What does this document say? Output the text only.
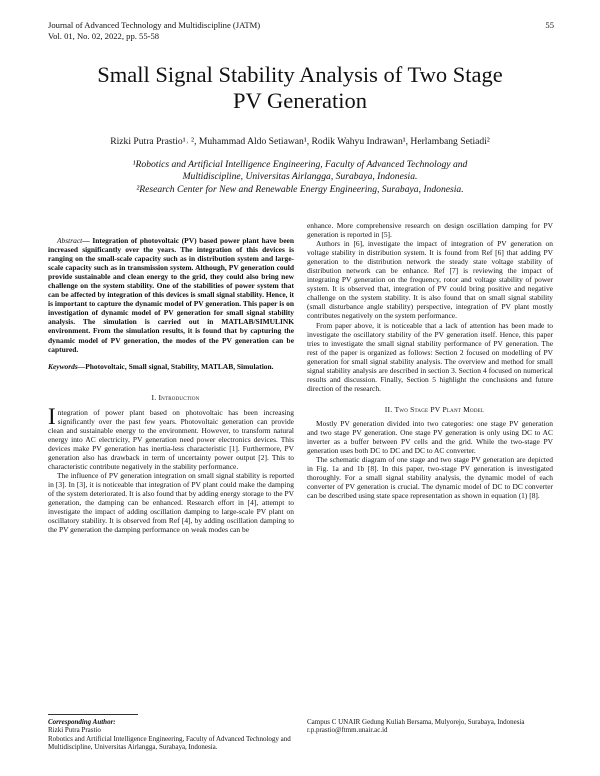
Journal of Advanced Technology and Multidiscipline (JATM)
Vol. 01, No. 02, 2022, pp. 55-58
55
Small Signal Stability Analysis of Two Stage
PV Generation
Rizki Putra Prastio¹˒ ², Muhammad Aldo Setiawan¹, Rodik Wahyu Indrawan¹, Herlambang Setiadi²
¹Robotics and Artificial Intelligence Engineering, Faculty of Advanced Technology and
Multidiscipline, Universitas Airlangga, Surabaya, Indonesia.
²Research Center for New and Renewable Energy Engineering, Surabaya, Indonesia.

Abstract— Integration of photovoltaic (PV) based power plant have been increased significantly over the years. The integration of this devices is ranging on the small-scale capacity such as in distribution system and large-scale capacity such as in transmission system. Although, PV generation could provide sustainable and clean energy to the grid, they could also bring new challenge on the system stability. One of the stabilities of power system that can be affected by integration of this devices is small signal stability. Hence, it is important to capture the dynamic model of PV generation. This paper is on investigation of dynamic model of PV generation for small signal stability analysis. The simulation is carried out in MATLAB/SIMULINK environment. From the simulation results, it is found that by capturing the dynamic model of PV generation, the modes of the PV generation can be captured.

Keywords—Photovoltaic, Small signal, Stability, MATLAB, Simulation.

I. Introduction

Integration of power plant based on photovoltaic has been increasing significantly over the past few years. Photovoltaic generation can provide clean and sustainable energy to the environment. However, to transform natural energy into AC electricity, PV generation need power electronics devices. This devices make PV generation has inertia-less characteristic [1]. Furthermore, PV generation also has drawback in term of uncertainty power output [2]. This to characteristic contribute negatively in the stability performance.

The influence of PV generation integration on small signal stability is reported in [3]. In [3], it is noticeable that integration of PV plant could make the damping of the system deteriorated. It is also found that by adding energy storage to the PV generation, the damping can be enhanced. Research effort in [4], attempt to investigate the impact of adding oscillation damping to large-scale PV plant on oscillatory stability. It is observed from Ref [4], by adding oscillation damping to the PV generation the damping performance on weak modes can be

enhance. More comprehensive research on design oscillation damping for PV generation is reported in [5].

Authors in [6], investigate the impact of integration of PV generation on voltage stability in distribution system. It is found from Ref [6] that adding PV generation to the distribution network the steady state voltage stability of distribution network can be enhance. Ref [7] is reviewing the impact of integrating PV generation on the frequency, rotor and voltage stability of power system. It is observed that, integration of PV could bring positive and negative challenge on the system stability. It is also found that on small signal stability (small disturbance angle stability) perspective, integration of PV plant mostly contributes negatively on the system performance.

From paper above, it is noticeable that a lack of attention has been made to investigate the oscillatory stability of the PV generation itself. Hence, this paper tries to investigate the small signal stability performance of PV generation. The rest of the paper is organized as follows: Section 2 focused on modelling of PV generation for small signal stability analysis. The overview and method for small signal stability analysis are described in section 3. Section 4 focused on numerical results and discussion. Finally, Section 5 highlight the conclusions and future direction of the research.

II. Two Stage PV Plant Model

Mostly PV generation divided into two categories: one stage PV generation and two stage PV generation. One stage PV generation is only using DC to AC inverter as a buffer between PV cells and the grid. While the two-stage PV generation uses both DC to DC and DC to AC converter.

The schematic diagram of one stage and two stage PV generation are depicted in Fig. 1a and 1b [8]. In this paper, two-stage PV generation is investigated thoroughly. For a small signal stability analysis, the dynamic model of each converter of PV generation is crucial. The dynamic model of DC to DC converter can be described using state space representation as shown in equation (1) [8].

Corresponding Author:
Rizki Putra Prastio
Robotics and Artificial Intelligence Engineering, Faculty of Advanced Technology and Multidiscipline, Universitas Airlangga, Surabaya, Indonesia.
Campus C UNAIR Gedung Kuliah Bersama, Mulyorejo, Surabaya, Indonesia
r.p.prastio@ftmm.unair.ac.id
